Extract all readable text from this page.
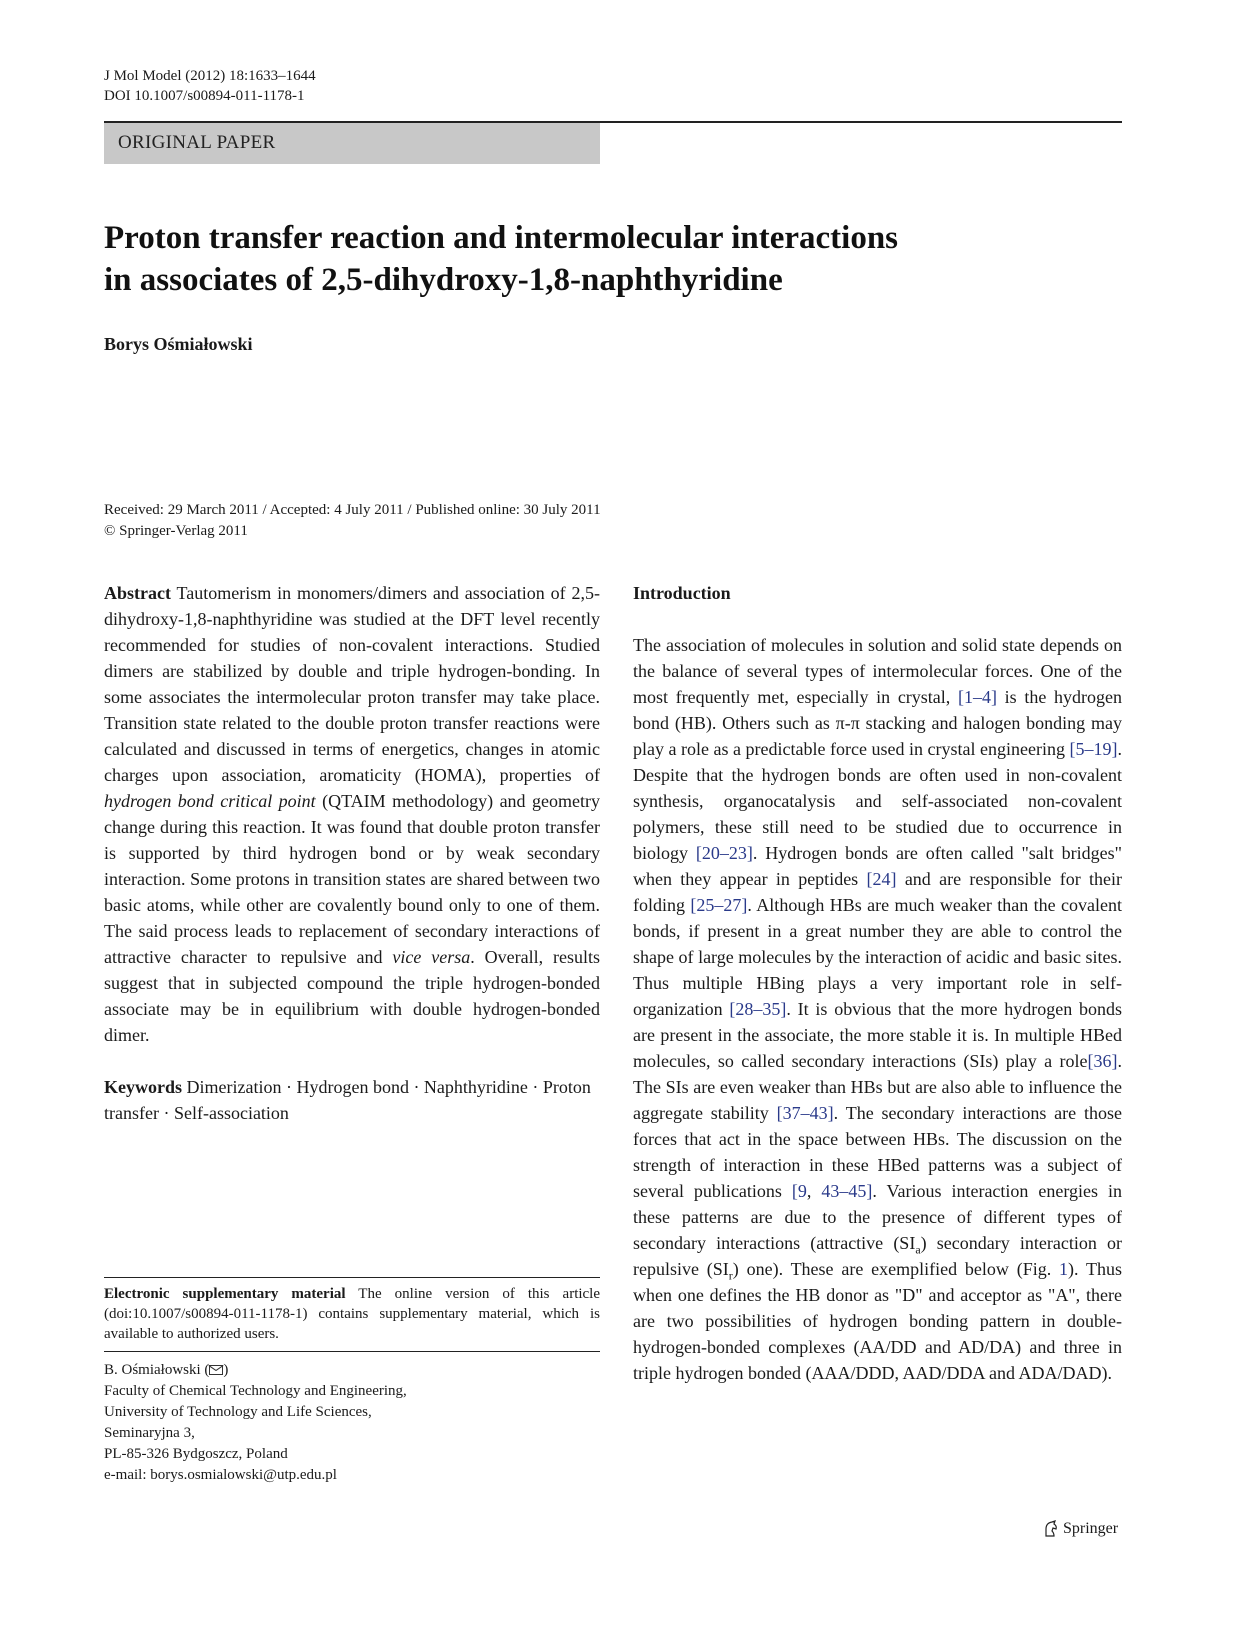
J Mol Model (2012) 18:1633–1644
DOI 10.1007/s00894-011-1178-1
ORIGINAL PAPER
Proton transfer reaction and intermolecular interactions
in associates of 2,5-dihydroxy-1,8-naphthyridine
Borys Ośmiałowski
Received: 29 March 2011 / Accepted: 4 July 2011 / Published online: 30 July 2011
© Springer-Verlag 2011

Abstract Tautomerism in monomers/dimers and association of 2,5-dihydroxy-1,8-naphthyridine was studied at the DFT level recently recommended for studies of non-covalent interactions. Studied dimers are stabilized by double and triple hydrogen-bonding. In some associates the intermolecular proton transfer may take place. Transition state related to the double proton transfer reactions were calculated and discussed in terms of energetics, changes in atomic charges upon association, aromaticity (HOMA), properties of hydrogen bond critical point (QTAIM methodology) and geometry change during this reaction. It was found that double proton transfer is supported by third hydrogen bond or by weak secondary interaction. Some protons in transition states are shared between two basic atoms, while other are covalently bound only to one of them. The said process leads to replacement of secondary interactions of attractive character to repulsive and vice versa. Overall, results suggest that in subjected compound the triple hydrogen-bonded associate may be in equilibrium with double hydrogen-bonded dimer.

Keywords Dimerization · Hydrogen bond · Naphthyridine · Proton transfer · Self-association

Electronic supplementary material The online version of this article (doi:10.1007/s00894-011-1178-1) contains supplementary material, which is available to authorized users.
B. Ośmiałowski ( )
Faculty of Chemical Technology and Engineering,
University of Technology and Life Sciences,
Seminaryjna 3,
PL-85-326 Bydgoszcz, Poland
e-mail: borys.osmialowski@utp.edu.pl

Introduction

The association of molecules in solution and solid state depends on the balance of several types of intermolecular forces. One of the most frequently met, especially in crystal, [1–4] is the hydrogen bond (HB). Others such as π-π stacking and halogen bonding may play a role as a predictable force used in crystal engineering [5–19]. Despite that the hydrogen bonds are often used in non-covalent synthesis, organocatalysis and self-associated non-covalent polymers, these still need to be studied due to occurrence in biology [20–23]. Hydrogen bonds are often called "salt bridges" when they appear in peptides [24] and are responsible for their folding [25–27]. Although HBs are much weaker than the covalent bonds, if present in a great number they are able to control the shape of large molecules by the interaction of acidic and basic sites. Thus multiple HBing plays a very important role in self-organization [28–35]. It is obvious that the more hydrogen bonds are present in the associate, the more stable it is. In multiple HBed molecules, so called secondary interactions (SIs) play a role[36]. The SIs are even weaker than HBs but are also able to influence the aggregate stability [37–43]. The secondary interactions are those forces that act in the space between HBs. The discussion on the strength of interaction in these HBed patterns was a subject of several publications [9, 43–45]. Various interaction energies in these patterns are due to the presence of different types of secondary interactions (attractive $(SI_a)$ secondary interaction or repulsive $(SI_r)$ one). These are exemplified below (Fig. 1). Thus when one defines the HB donor as "D" and acceptor as "A", there are two possibilities of hydrogen bonding pattern in double-hydrogen-bonded complexes (AA/DD and AD/DA) and three in triple hydrogen bonded (AAA/DDD, AAD/DDA and ADA/DAD).

Springer
